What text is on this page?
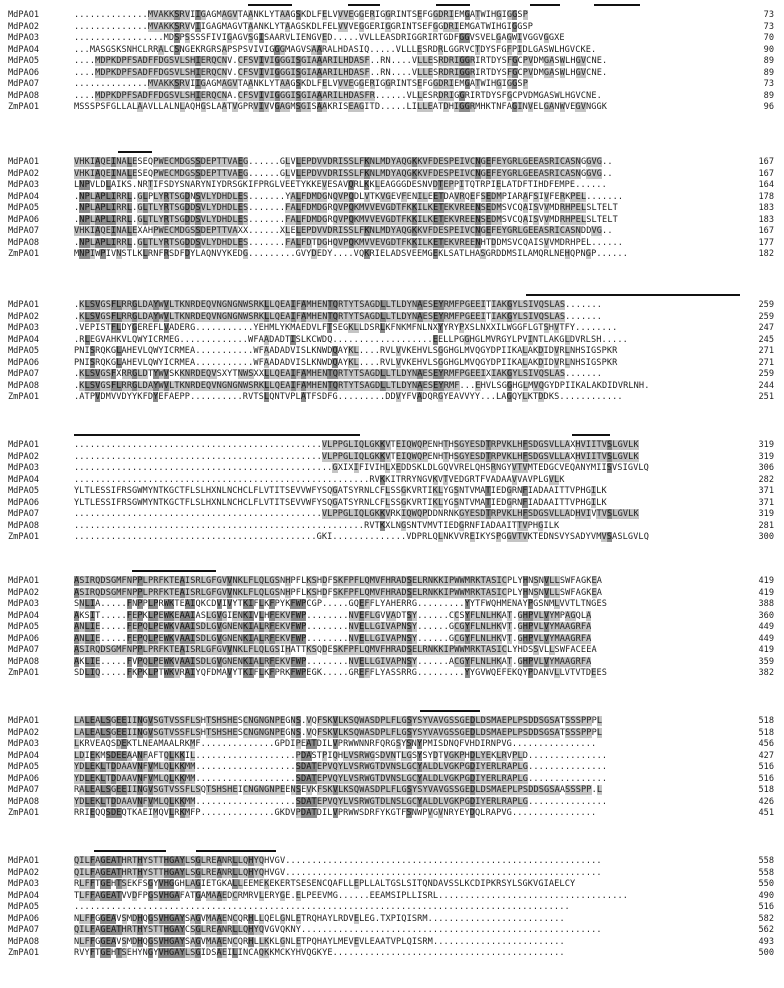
MdPAO1	..............MVAKKSRVIIGAGMAGVTAANKLYTAAGSKDLFELVVVEGGERIGGRINTSEFGGDRIEMGATWIHGIGGSP	73
MdPAO2	..............MVAKKSRVVIIGAGMAGVTAANKLYTAAGSKDLFELVVVEGGERIGGRINTSEFGGDRIEMGATWIHGIGGSP	73
MdPAO3	.................MDSPSSSSFIVIGAGVSGISAARVLIENGVED.....VVLLEASDRIGGRIRTGDFGGVSVELGAGWIVGGVGGXE	70
MdPAO4	...MASGSKSNHCLRRALCSNGEKRGRSAPSPSVIVIGGGMAGVSAARALHDASIQ.....VLLLESRDRLGGRVCTDYSFGFPIDLGASWLHGVCKE.	90
MdPAO5	....MDPKDPFSADFFDGSVLSHIERQCNV.CFSVIVIGGGISGIAAARILHDASF..RN....VLLESRDRIGGRIRTDYSFGCPVDMGASWLHGVCNE.	89
MdPAO6	....MDPKDPFSADFFDGSVLSHIERQCNV.CFSVIVIGGGISGIAAARILHDASF..RN....VLLESRDRIGGRIRTDYSFGCPVDMGASWLHGVCNE.	89
MdPAO7	..............MVAKKSRVIIGAGMAGVTAANKLYTAAGSKDLFELVVVEGGERIGGRINTSEFGGDRIEMGATWIHGIGGSP	73
MdPAO8	....MDPKDPFSADFFDGSVLSHIERQCNA.CFSVIVIGGGISGIAAARILHDASFR......VLLESRDRIGGRIRTDYSFGCPVDMGASWLHGVCNE.	89
ZmPAO1	MSSSPSFGLLALAAVLLALNLAQHGSLAATVGPRVIVVGAGMSGISAAKRISEAGITD.....LILLEATDHIGGRMHKTNFAGINVELGANWVEGVNGGK	96
MdPAO1	VHKIAQEINALESEQPWECMDGSSDEPTTVAEG......GLVLEPDVVDRISSLFKNLMDYAQGKKVFDESPEIVCNGEFEYGRLGEEASRICASNGGVG..	167
MdPAO2	VHKIAQEINALESEQPWECMDGSSDEPTTVAEG......GLVLEPDVVDRISSLFKNLMDYAQGKKVFDESPEIVCNGEFEYGRLGEEASRICASNGGVG..	167
MdPAO3	LNPVLDLAIKS.NRTIFSDYSNARYNIYDRSGKIFPRGLVEETYKKEVESAVQRLKKLEAGGGDESNVDTEPPITQTRPIELATDFTIHDFEMPE......	164
MdPAO4	.NPLAPLIRRL.GLPLYRTSGDNSVLYDHDLES.......YALFDMDGNQVPQDLVTKVGEVFENILEETDAVRQEFSEDMPIARAFSIVFERKPEL.......	178
MdPAO5	.NPLAPLIRRL.GLTLYRTSGDDSVLYDHDLES.......FALFDMDGRQVPQKMVVEVGDTFKKILKETEKVREENSEDMSVCQAISVVMDRHPELSLTELT	183
MdPAO6	.NPLAPLIRRL.GLTLYRTSGDDSVLYDHDLES.......FALFDMDGRQVPQKMVVEVGDTFKKILKETEKVREENSEDMSVCQAISVVMDRHPELSLTELT	183
MdPAO7	VHKIAQEINALEXAHPWECMDGSSDEPTTVAXX......XLELEPDVVDRISSLFKNLMDYAQGKKVFDESPEIVCNGEFEYGRLGEEASRICASNDDVG..	167
MdPAO8	.NPLAPLIRRL.GLTLYRTSGDDSVLYDHDLES.......FALFDTDGHQVPQKMVVEVGDTFKKILKETEKVREENHTDDMSVCQAISVVMDRHPEL......	177
ZmPAO1	MNPIWPIVNSTLKLRNFRSDFDYLAQNVYKEDG.........GVYDEDY....VQKRIELADSVEEMGEKLSATLHASGRDDMSILAMQRLNEHQPNGP......	182
MdPAO1	.KLSVGSFLRRGLDAYWVLTKNRDEQVNGNGNWSRKLLQEAIFAMHENTQRTYTSAGDLLTLDYNAESEYRMFPGEEITIAKGYLSIVQSLAS.......	259
MdPAO2	.KLSVGSFLRRGLDAYWVLTKNRDEQVNGNGNWSRKLLQEAIFAMHENTQRTYTSAGDLLTLDYNAESEYRMFPGEEITIAKGYLSIVQSLAS.......	259
MdPAO3	.VEPISTFLDYGEREFLVADERG...........YEHMLYKMAEDVLFTSEGKLLDSRLKFNKMFNLNXYYRYPXSLNXXILWGGFLGTSHVTFY........	247
MdPAO4	.RLEGVAHKVLQWYICRMEG.............WFAADADTISLKCWDQ...................EELLPGGHGLMVRGYLPVINTLAKGLDVRLSH.....	245
MdPAO5	PNISRQKGLAHEVLQWYICRMEA...........WFAADADVISLKNWDQAYKL....RVLVVKEHVLSGGHGLMVQGYDPIIKALAKDIDVRLNHSIGSPKR	271
MdPAO6	PNISRQKGLAHEVLQWYICRMEA...........WFAADADVISLKNWDQAYKL....RVLVVKEHVLSGGHGLMVQGYDPIIKALAKDIDVRLNHSIGSPKR	271
MdPAO7	.KLSVGSFXRRGLDTYWVSKKNRDEQVSXYTNWSXXLLQEAIFAMHENTQRTYTSAGDLLTLDYNAESEYRMFPGEEIXIAKGYLSIVQSLAS.......	259
MdPAO8	.KLSVGSFLRRGLDAYWVLTKNRDEQVNGNGNWSRKLLQEAIFAMHENTQRTYTSAGDLLTLDYNAESEYRMF...EHVLSGGHGLMVQGYDPIIKALAKDIDVRLNH.	244
ZmPAO1	.ATPVDMVVDYYKFDYEFAEPP..........RVTSLQNTVPLATFSDFG.........DDVYFVADQRGYEAVVYY...LAGQYLKTDDKS............	251
MdPAO1	...............................................VLPPGLIQLGKKVTEIQWQPENHTHSGYESDTRPVKLHFSDGSVLLAXHVIITVSLGVLK	319
MdPAO2	...............................................VLPPGLIQLGKKVTEIQWQPENHTHSGYESDTRPVKLHFSDGSVLLAXHVIITVSLGVLK	319
MdPAO3	.................................................GXIXIFIVIHLXEDDSKLDLGQVVRELQHSRNGYVTVMTEDGCVEQANYMIISVSIGVLQ	306
MdPAO4	........................................................RVKKITRRYNGVKVTVEDGRTFVADAAVVAVPLGVLK	282
MdPAO5	YLTLESSIFRSGWMYNTKGCTFLSLHXNLNCHCLFLVTITSEVVWFYSQGATSYRNLCFLSSGKVRTIKLYGSNTVMATIEDGRNFIADAAITTVPHGILK	371
MdPAO6	YLTLESSIFRSGWMYNTKGCTFLSLHXNLNCHCLFLVTITSEVVWFYSQGATSYRNLCFLSSGKVRTIKLYGSNTVMATIEDGRNFIADAAITTVPHGILK	371
MdPAO7	...............................................VLPPGLIQLGKKVRKIQWQPDDNRNKGYESDTRPVKLHFSDGSVLLADHVIVTVSLGVLK	319
MdPAO8	.......................................................RVTKXLNGSNTVMVTIEDGRNFIADAAITTVPHGILK	281
ZmPAO1	..............................................GKI..............VDPRLQLNKVVREIKYSPGGVTVKTEDNSVYSADYVMVSASLGVLQ	300
MdPAO1	ASIRQDSGMFNPPLPRFKTEAISRLGFGVVNKLFLQLGSNHPFLKSHDFSKFPFLQMVFHRADSELRNKKIPWWMRKTASICPLYHNSNVLLSWFAGKEA	419
MdPAO2	ASIRQDSGMFNPPLPRFKTEAISRLGFGVVNKLFLQLGSNHPFLKSHDFSKFPFLQMVFHRADSELRNKKIPWWMRKTASICPLYHNSNVLLSWFAGKEA	419
MdPAO3	SNLIA.....FNPPLPRWKTEAIQKCDVIVYTKIFLKFPYKFWPCGP.....GQEFFLYAHERRG.........YYTFWQHMENAYPGSNMLVVTLTNGES	388
MdPAO4	AKSIT.....FEPKLPEWKEAAIASLGVGIENKIVLHFEKVFWP........NVEFLGVVADTSY......CCSYFLNLHKAT.GHPVLVYMPAGQLA	360
MdPAO5	ANLIE.....FEPQLPEWKVAAISDLGVGNENKIALRFEKVFWP........NVELLGIVAPNSY......GCGYFLNLHKVT.GHPVLVYMAAGRFA	449
MdPAO6	ANLIE.....FEPQLPEWKVAAISDLGVGNENKIALRFEKVFWP........NVELLGIVAPNSY......GCGYFLNLHKVT.GHPVLVYMAAGRFA	449
MdPAO7	ASIRQDSGMFNPPLPRFKTEAISRLGFGVVNKLFLQLGSIHATTKSQDESKFPFLQMVFHRADSELRNKKIPWWMRKTASICLYHDSSVLLSWFACEEA	419
MdPAO8	AKLIE.....FVPQLPEWKVAAISDLGVGNENKIALRFEKVFWP........NVELLGIVAPNSY......ACGYFLNLHKAT.GHPVLVYMAAGRFA	359
ZmPAO1	SDLIQ.....FKPKLPTWKVRAIYQFDMAVYTKIFLKFPRKFWPEGK.....GREFFLYASSRRG.........YYGVWQEFEKQYPDANVLLVTVTDEES	382
MdPAO1	LALEALSGEEIINGVSGTVSSFLSHTSHSHESCNGNGNPEGNS.VQFSKVLKSQWASDPLFLGSYSYVAVGSSGEDLDSMAEPLPSDDSGSATSSSPPPL	518
MdPAO2	LALEALSGEEIINGVSGTVSSFLSHTSHSHESCNGNGNPEGNS.VQFSKVLKSQWASDPLFLGSYSYVAVGSSGEDLDSMAEPLPSDDSGSATSSSPPPL	518
MdPAO3	LKRVEAQSDEKTLNEAMAALRKMF..............GPDIPEATDILVPRWWNNRFQRGSYSNYPMISDNQFVHDIRNPVG................	456
MdPAO4	LDIEKMSDEEAANFAFTQLKKIL...................PDASTPIQHLVSRWGSDVNTLGSYSYDTVGKPHDLYEKLRVPLD...............	427
MdPAO5	YDLEKLTDDAAVNFVMLQLKKMM...................SDATEPVQYLVSRWGTDVNSLGCYALDLVGKPGDIYERLRAPLG...............	516
MdPAO6	YDLEKLTDDAAVNFVMLQLKKMM...................SDATEPVQYLVSRWGTDVNSLGCYALDLVGKPGDIYERLRAPLG...............	516
MdPAO7	RALEALSGEEIINGVSGTVSSFLSQTSHSHEICNGNGNPEENSEVKFSKVLKSQWASDPLFLGSYSYVAVGSSGEDLDSMAEPLPSDDSGSAASSSPP.L	518
MdPAO8	YDLEKLTDDAAVNFVMLQLKKMM...................SDATEPVQYLVSRWGTDLNSLGCYALDLVGKPGDIYERLRAPLG...............	426
ZmPAO1	RRIEQQSDEQTKAEIMQVLRKMFP..............GKDVPDATDILVPRWWSDRFYKGTFSNWPVGVNRYEYDQLRAPVG................	451
MdPAO1	QILFAGEATHRTHYSTTHGAYLSGLREANRLLQHYQHVGV............................................................	558
MdPAO2	QILFAGEATHRTHYSTTHGAYLSGLREANRLLQHYQHVGV............................................................	558
MdPAO3	RLFFTGEHTSEKFSGYVHGGHLAGIETGKALLEEMEKEKERTSESENCQAFLLEPLLALTGSLSITQNDAVSSLKCDIPKRSYLSGKVGIAELCY	550
MdPAO4	TLFFAGEATVVDFPGSVHGAFATGAMAAEDCRMRVLERYGE.ELPEEVMG......EEAMSIPLLISRL....................................	490
MdPAO5	..............................................................................................	516
MdPAO6	NLFFGGEAVSMDHQGSVHGAYSAGVMAAENCQRHLLQELGNLETRQHAYLRDVELEG.TXPIQISRM..........................	582
MdPAO7	QILFAGEATHRTHYSTTHGAYCSGLREANRLLQHYQVGVQKNY.........................................................	562
MdPAO8	NLFFGGEAVSMDHQGSVHGAYSAGVMAAENCQRHLLKKLGNLETPQHAYLMEVEVLEAATVPLQISRM.........................	493
ZmPAO1	RVYFTGEHTSEHYNGYVHGAYLSGIDSAEILINCAQKKMCKYHVQGKYE............................................	500
